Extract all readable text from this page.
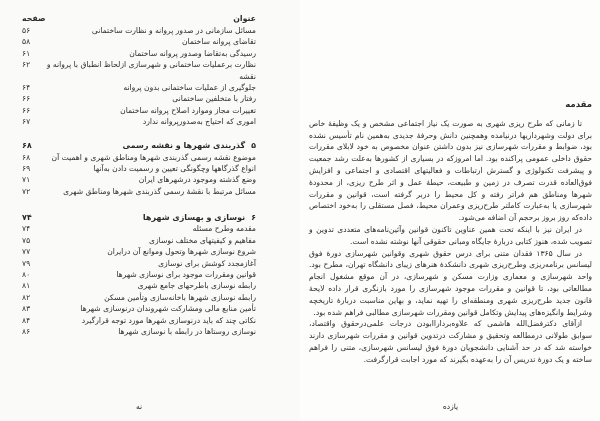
عنوان
صفحه
مسائل سازمانی در صدور پروانه و نظارت ساختمانی
۵۶
تقاضای پروانه ساختمان
۵۸
رسیدگی به‌تقاضا وصدور پروانه ساختمان
۶۱
نظارت برعملیات ساختمانی و شهرسازی ازلحاظ انطباق با پروانه و نقشه
۶۲
جلوگیری از عملیات ساختمانی بدون پروانه
۶۴
رفتار با متخلفین ساختمانی
۶۶
تغییرات مجاز وموارد اصلاح پروانه ساختمان
۶۶
اموری که احتیاج به‌صدورپروانه ندارد
۶۷
۵گذربندی شهرها و نقشه رسمی
۶۸
موضوع نقشه رسمی گذربندی شهرها ومناطق شهری و اهمیت آن
۶۸
انواع گذرگاهها وچگونگی تعیین و رسمیت دادن به‌آنها
۶۹
وضع گذشته وموجود درشهرهای ایران
۷۱
مسائل مرتبط با نقشهٔ رسمی گذربندی شهرها ومناطق شهری
۷۲
۶نوسازی و بهسازی شهرها
۷۴
مقدمه وطرح مسئله
۷۴
مفاهیم و کیفیتهای مختلف نوسازی
۷۵
شروع نوسازی شهرها وتحول وموانع آن درایران
۷۷
آغازمجدد کوشش برای نوسازی
۷۹
قوانین ومقررات موجود برای نوسازی شهرها
۸۰
رابطه نوسازی باطرحهای جامع شهری
۸۱
رابطه نوسازی شهرها باخانه‌سازی وتأمین مسکن
۸۲
تأمین منابع مالی ومشارکت شهروندان درنوسازی شهرها
۸۳
نکاتی چند که باید درنوسازی شهرها مورد توجه قرارگیرد
۸۴
نوسازی روستاها در رابطه با نوسازی شهرها
۸۶
نه
مقدمه

تا زمانی که طرح ریزی شهری به صورت یک نیاز اجتماعی مشخص و یک وظیفهٔ خاص برای دولت وشهرداریها درنیامده وهمچنین دانش وحرفهٔ جدیدی به‌همین نام تأسیس نشده بود، ضوابط و مقررات شهرسازی نیز بدون داشتن عنوان مخصوص به خود لابلای مقررات حقوق داخلی عمومی پراکنده بود. اما امروزکه در بسیاری از کشورها به‌علت رشد جمعیت و پیشرفت تکنولوژی و گسترش ارتباطات و فعالیتهای اقتصادی و اجتماعی و افزایش فوق‌العاده قدرت تصرف در زمین و طبیعت، حیطهٔ عمل و اثر طرح ریزی، از محدودهٔ شهرها ومناطق هم فراتر رفته و کل محیط را دربر گرفته است، قوانین و مقررات شهرسازی یا به‌عبارت کاملتر طرح‌ریزی وعمران محیط، فصل مستقلی را به‌خود اختصاص داده‌که روز بروز برحجم آن اضافه می‌شود.

در ایران نیز با اینکه تحت همین عناوین تاکنون قوانین وآئین‌نامه‌های متعددی تدوین و تصویب شده، هنوز کتابی دربارهٔ جایگاه ومبانی حقوقی آنها نوشته نشده است.

در سال ۱۳۶۵ فقدان متنی برای درس حقوق شهری وقوانین شهرسازی دورهٔ فوق لیسانس برنامه‌ریزی وطرح‌ریزی شهری دانشکدهٔ هنرهای زیبای دانشگاه تهران، مطرح بود. واحد شهرسازی و معماری وزارت مسکن و شهرسازی، در آن موقع مشغول انجام مطالعاتی بود، تا قوانین و مقررات موجود شهرسازی را مورد بازنگری قرار داده لایحهٔ قانون جدید طرح‌ریزی شهری ومنطقه‌ای را تهیه نماید، و بهاین مناسبت دربارهٔ تاریخچه وشرایط وانگیزه‌های پیدایش وتکامل قوانین ومقررات شهرسازی مطالبی فراهم شده بود.

ازآقای دکترفضل‌الله هاشمی که علاوه‌برداراابودن درجات علمی‌درحقوق واقتصاد، سوابق طولانی درمطالعه وتحقیق و مشارکت درتدوین قوانین و مقررات شهرسازی دارند خواسته شد که در حد آشنایی دانشجویان دورهٔ فوق لیسانس شهرسازی، متنی را فراهم ساخته و یک دورهٔ تدریس آن را به‌عهده بگیرند که مورد اجابت قرارگرفت.

یازده
